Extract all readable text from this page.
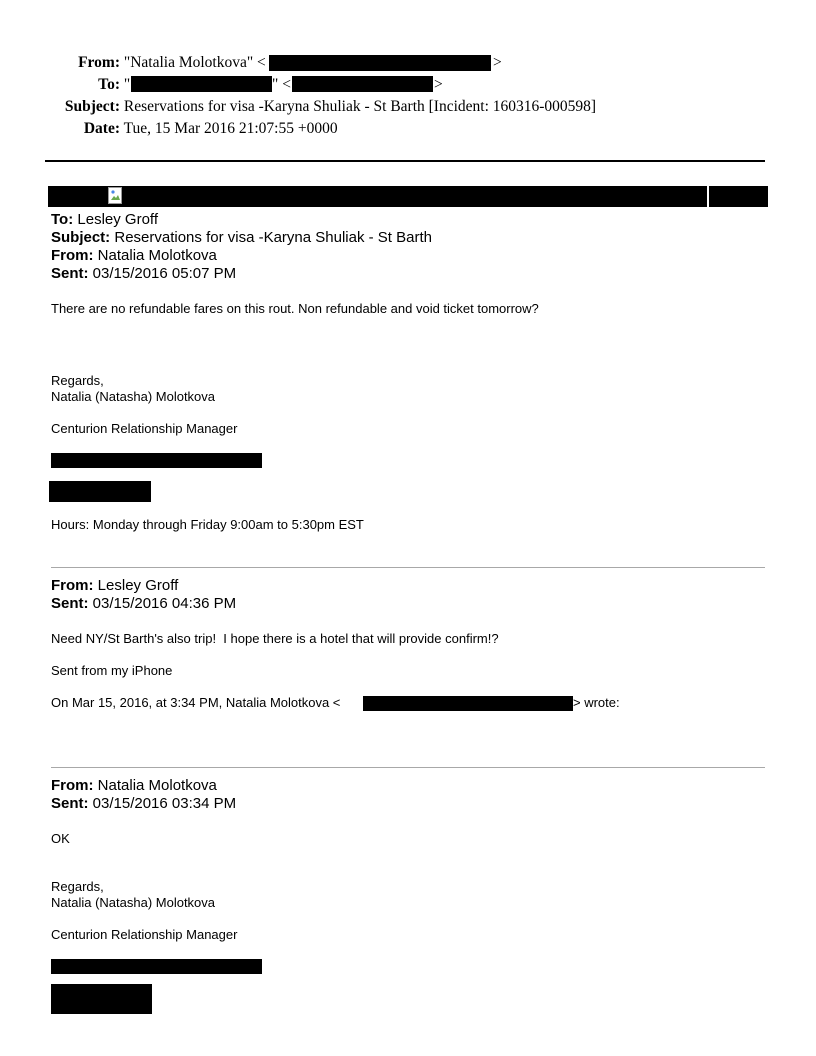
From: "Natalia Molotkova" <	>
To: "	" <	>
Subject: Reservations for visa -Karyna Shuliak - St Barth [Incident: 160316-000598]
Date: Tue, 15 Mar 2016 21:07:55 +0000
To: Lesley Groff
Subject: Reservations for visa -Karyna Shuliak - St Barth
From: Natalia Molotkova
Sent: 03/15/2016 05:07 PM
There are no refundable fares on this rout. Non refundable and void ticket tomorrow?
Regards,
Natalia (Natasha) Molotkova
Centurion Relationship Manager
Hours: Monday through Friday 9:00am to 5:30pm EST
From: Lesley Groff
Sent: 03/15/2016 04:36 PM
Need NY/St Barth's also trip!  I hope there is a hotel that will provide confirm!?
Sent from my iPhone
On Mar 15, 2016, at 3:34 PM, Natalia Molotkova <	> wrote:
From: Natalia Molotkova
Sent: 03/15/2016 03:34 PM
OK
Regards,
Natalia (Natasha) Molotkova
Centurion Relationship Manager
